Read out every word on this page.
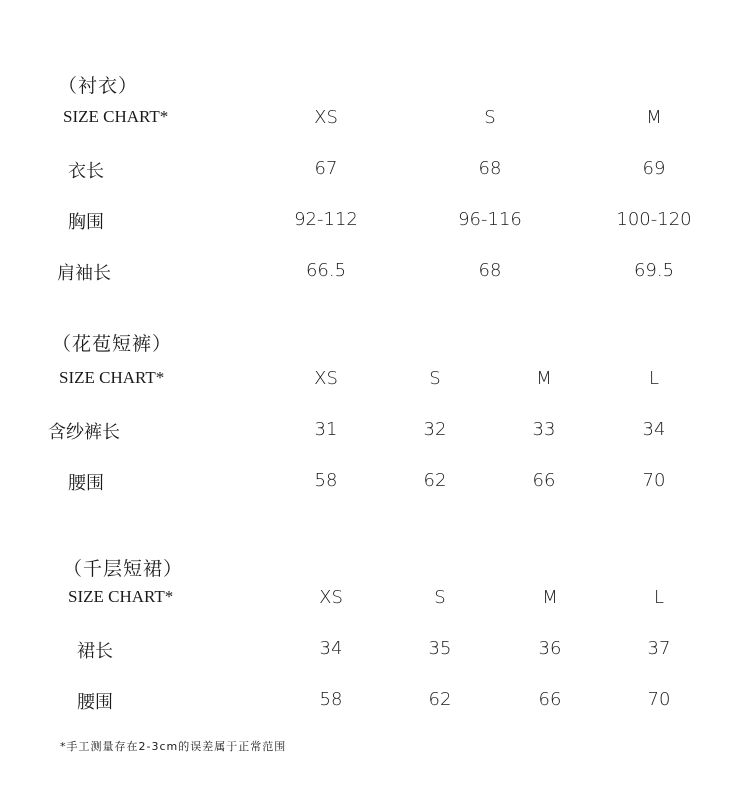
（衬衣）
SIZE CHART*	XS	S	M
衣长	67	68	69
胸围	92-112	96-116	100-120
肩袖长	66.5	68	69.5
（花苞短裤）
SIZE CHART*	XS	S	M	L
含纱裤长	31	32	33	34
腰围	58	62	66	70
（千层短裙）
SIZE CHART*	XS	S	M	L
裙长	34	35	36	37
腰围	58	62	66	70
*手工测量存在2-3cm的误差属于正常范围
